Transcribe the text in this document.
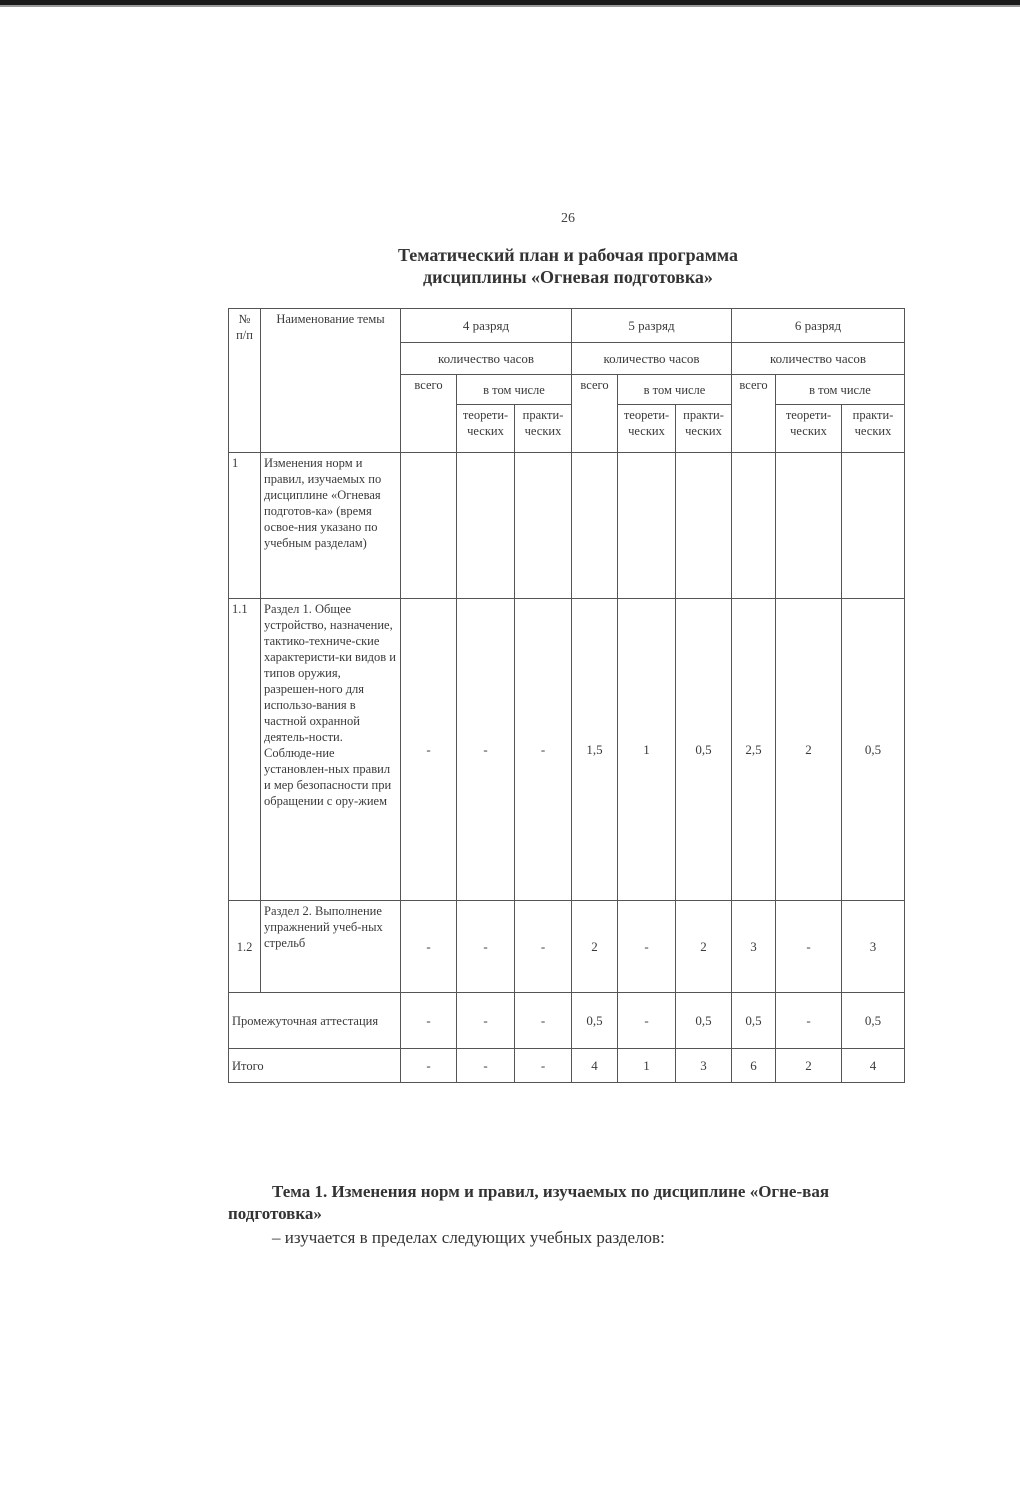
26
Тематический план и рабочая программа
дисциплины «Огневая подготовка»
№ п/п	Наименование темы	4 разряд			5 разряд			6 разряд		
		количество часов			количество часов			количество часов		
		всего	в том числе		всего	в том числе		всего	в том числе	
			теорети-ческих	практи-ческих		теорети-ческих	практи-ческих		теорети-ческих	практи-ческих
1	Изменения норм и правил, изучаемых по дисциплине «Огневая подготов-ка» (время освое-ния указано по учебным разделам)									
1.1	Раздел 1. Общее устройство, назначение, тактико-техниче-ские характеристи-ки видов и типов оружия, разрешен-ного для использо-вания в частной охранной деятель-ности. Соблюде-ние установлен-ных правил и мер безопасности при обращении с ору-жием	-	-	-	1,5	1	0,5	2,5	2	0,5
1.2	Раздел 2. Выполнение упражнений учеб-ных стрельб	-	-	-	2	-	2	3	-	3
Промежуточная аттестация		-	-	-	0,5	-	0,5	0,5	-	0,5
Итого		-	-	-	4	1	3	6	2	4
Тема 1. Изменения норм и правил, изучаемых по дисциплине «Огне-вая подготовка»
– изучается в пределах следующих учебных разделов:
